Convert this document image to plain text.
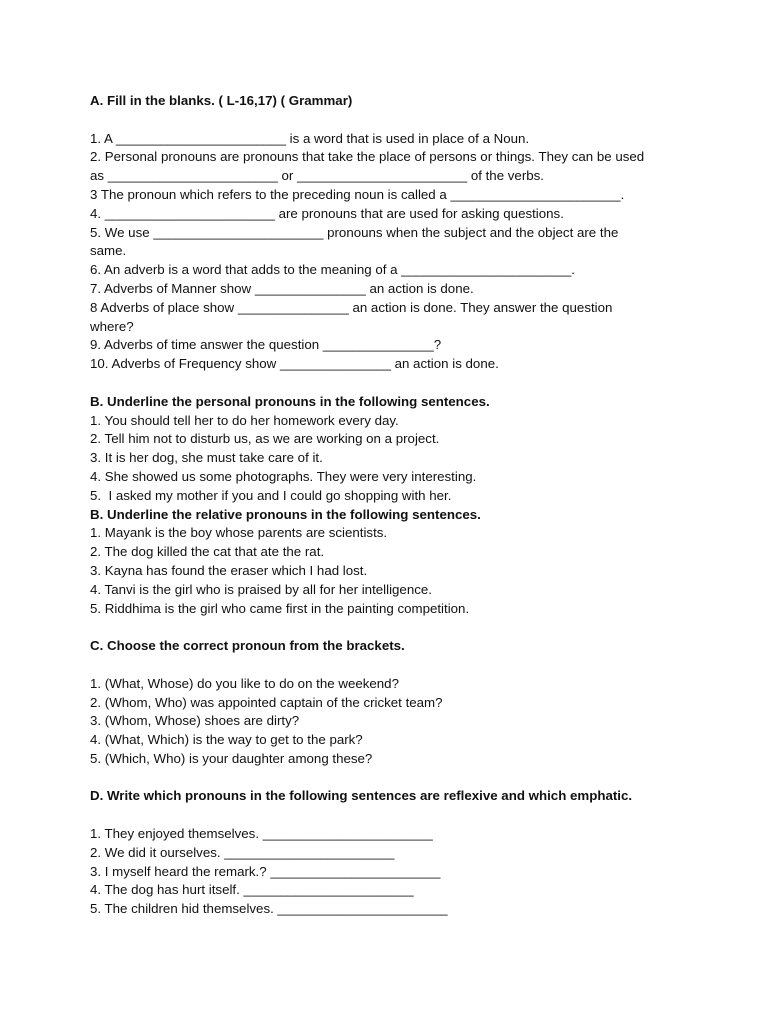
A. Fill in the blanks. ( L-16,17) ( Grammar)

1. A _______________________ is a word that is used in place of a Noun.

2. Personal pronouns are pronouns that take the place of persons or things. They can be used

as _______________________ or _______________________ of the verbs.

3 The pronoun which refers to the preceding noun is called a _______________________.

4. _______________________ are pronouns that are used for asking questions.

5. We use _______________________ pronouns when the subject and the object are the

same.

6. An adverb is a word that adds to the meaning of a _______________________.

7. Adverbs of Manner show _______________ an action is done.

8 Adverbs of place show _______________ an action is done. They answer the question

where?

9. Adverbs of time answer the question _______________?

10. Adverbs of Frequency show _______________ an action is done.

B. Underline the personal pronouns in the following sentences.

1. You should tell her to do her homework every day.

2. Tell him not to disturb us, as we are working on a project.

3. It is her dog, she must take care of it.

4. She showed us some photographs. They were very interesting.

5.  I asked my mother if you and I could go shopping with her.

B. Underline the relative pronouns in the following sentences.

1. Mayank is the boy whose parents are scientists.

2. The dog killed the cat that ate the rat.

3. Kayna has found the eraser which I had lost.

4. Tanvi is the girl who is praised by all for her intelligence.

5. Riddhima is the girl who came first in the painting competition.

C. Choose the correct pronoun from the brackets.

1. (What, Whose) do you like to do on the weekend?

2. (Whom, Who) was appointed captain of the cricket team?

3. (Whom, Whose) shoes are dirty?

4. (What, Which) is the way to get to the park?

5. (Which, Who) is your daughter among these?

D. Write which pronouns in the following sentences are reflexive and which emphatic.

1. They enjoyed themselves. _______________________

2. We did it ourselves. _______________________

3. I myself heard the remark.? _______________________

4. The dog has hurt itself. _______________________

5. The children hid themselves. _______________________
